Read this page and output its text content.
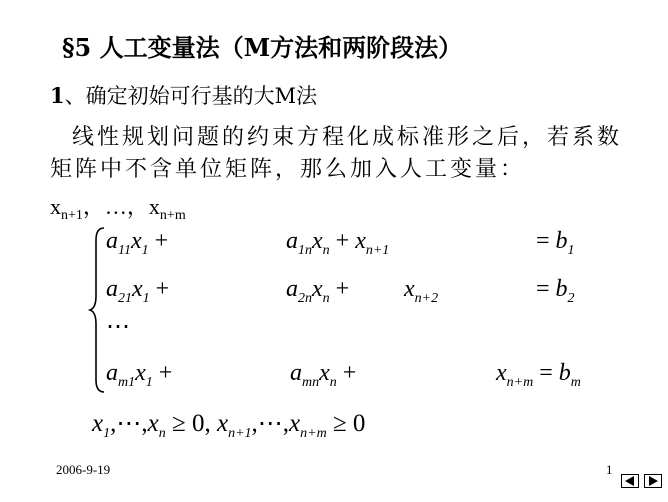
§5 人工变量法（M方法和两阶段法）
1、确定初始可行基的大M法
线性规划问题的约束方程化成标准形之后，若系数矩阵中不含单位矩阵，那么加入人工变量：
$x_{n+1}$，…，$x_{n+m}$
$a_{11}x_1$ +	$a_{1n}x_n + x_{n+1}$	= $b_1$
$a_{21}x_1$ +	$a_{2n}x_n + x_{n+2}$	= $b_2$
⋯
$a_{m1}x_1$ +	$a_{mn}x_n$ +	$x_{n+m} = b_m$
$x_1,\cdots,x_n \ge 0$, $x_{n+1},\cdots,x_{n+m} \ge 0$
2006-9-19	1
